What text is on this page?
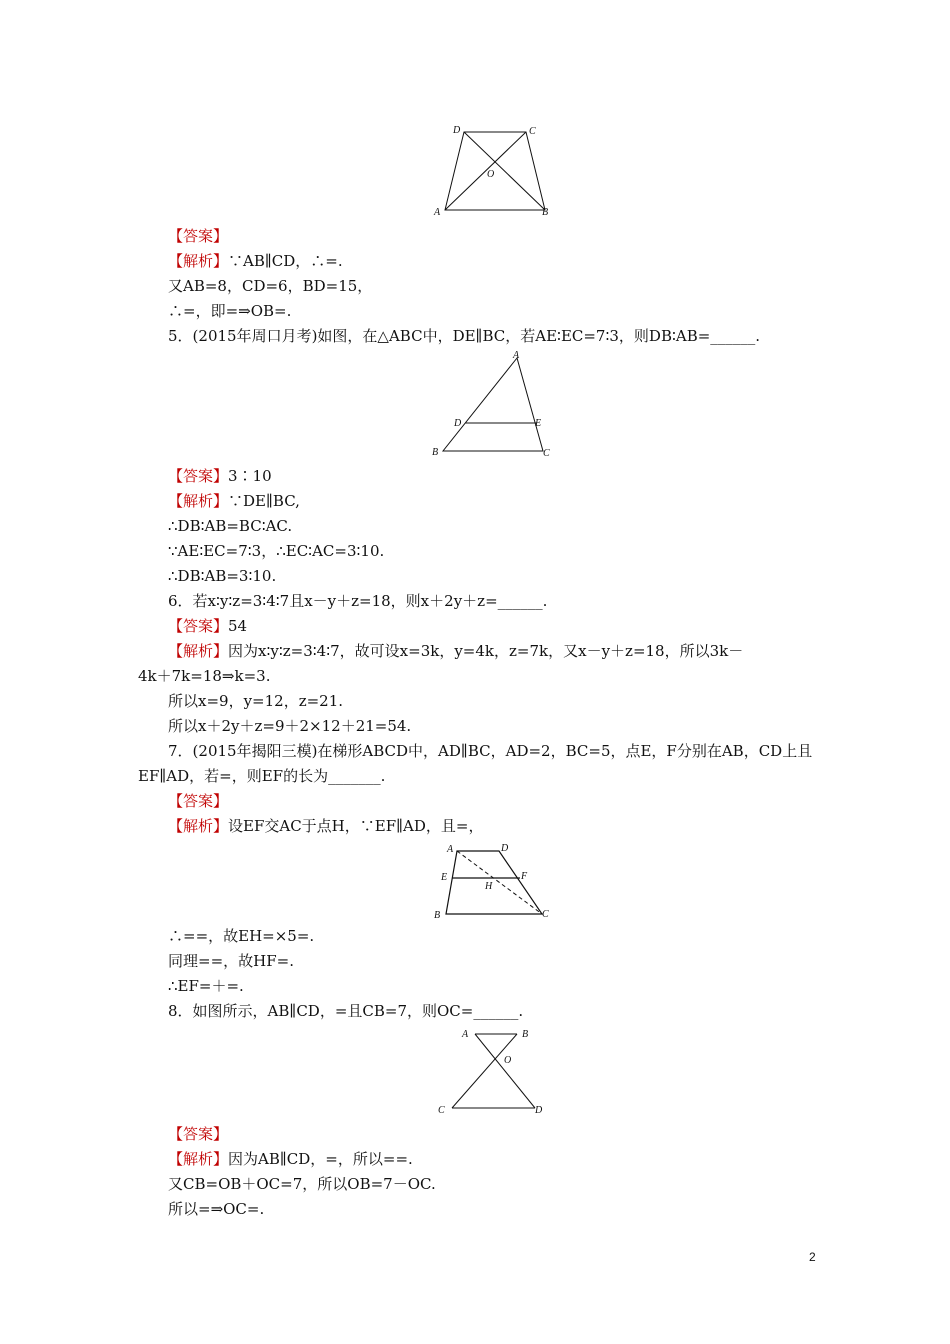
D	C
O
A	B
【答案】
【解析】∵AB∥CD，∴=.
又AB=8，CD=6，BD=15，
∴=，即=⇒OB=.
5．(2015年周口月考)如图，在△ABC中，DE∥BC，若AE∶EC=7∶3，则DB∶AB=______.
A
D	E
B	C
【答案】3∶10
【解析】∵DE∥BC,
∴DB∶AB=BC∶AC.
∵AE∶EC=7∶3，∴EC∶AC=3∶10.
∴DB∶AB=3∶10.
6．若x∶y∶z=3∶4∶7且x－y＋z=18，则x＋2y＋z=______.
【答案】54
【解析】因为x∶y∶z=3∶4∶7，故可设x=3k，y=4k，z=7k，又x－y＋z=18，所以3k－
4k＋7k=18⇒k=3.
所以x=9，y=12，z=21.
所以x＋2y＋z=9＋2×12＋21=54.
7．(2015年揭阳三模)在梯形ABCD中，AD∥BC，AD=2，BC=5，点E，F分别在AB，CD上且
EF∥AD，若=，则EF的长为_______.
【答案】
【解析】设EF交AC于点H，∵EF∥AD，且=，
A	D
E	F
H
B	C
∴==，故EH=×5=.
同理==，故HF=.
∴EF=＋=.
8．如图所示，AB∥CD，=且CB=7，则OC=______.
A	B
O
C	D
【答案】
【解析】因为AB∥CD，=，所以==.
又CB=OB＋OC=7，所以OB=7－OC.
所以=⇒OC=.
2
